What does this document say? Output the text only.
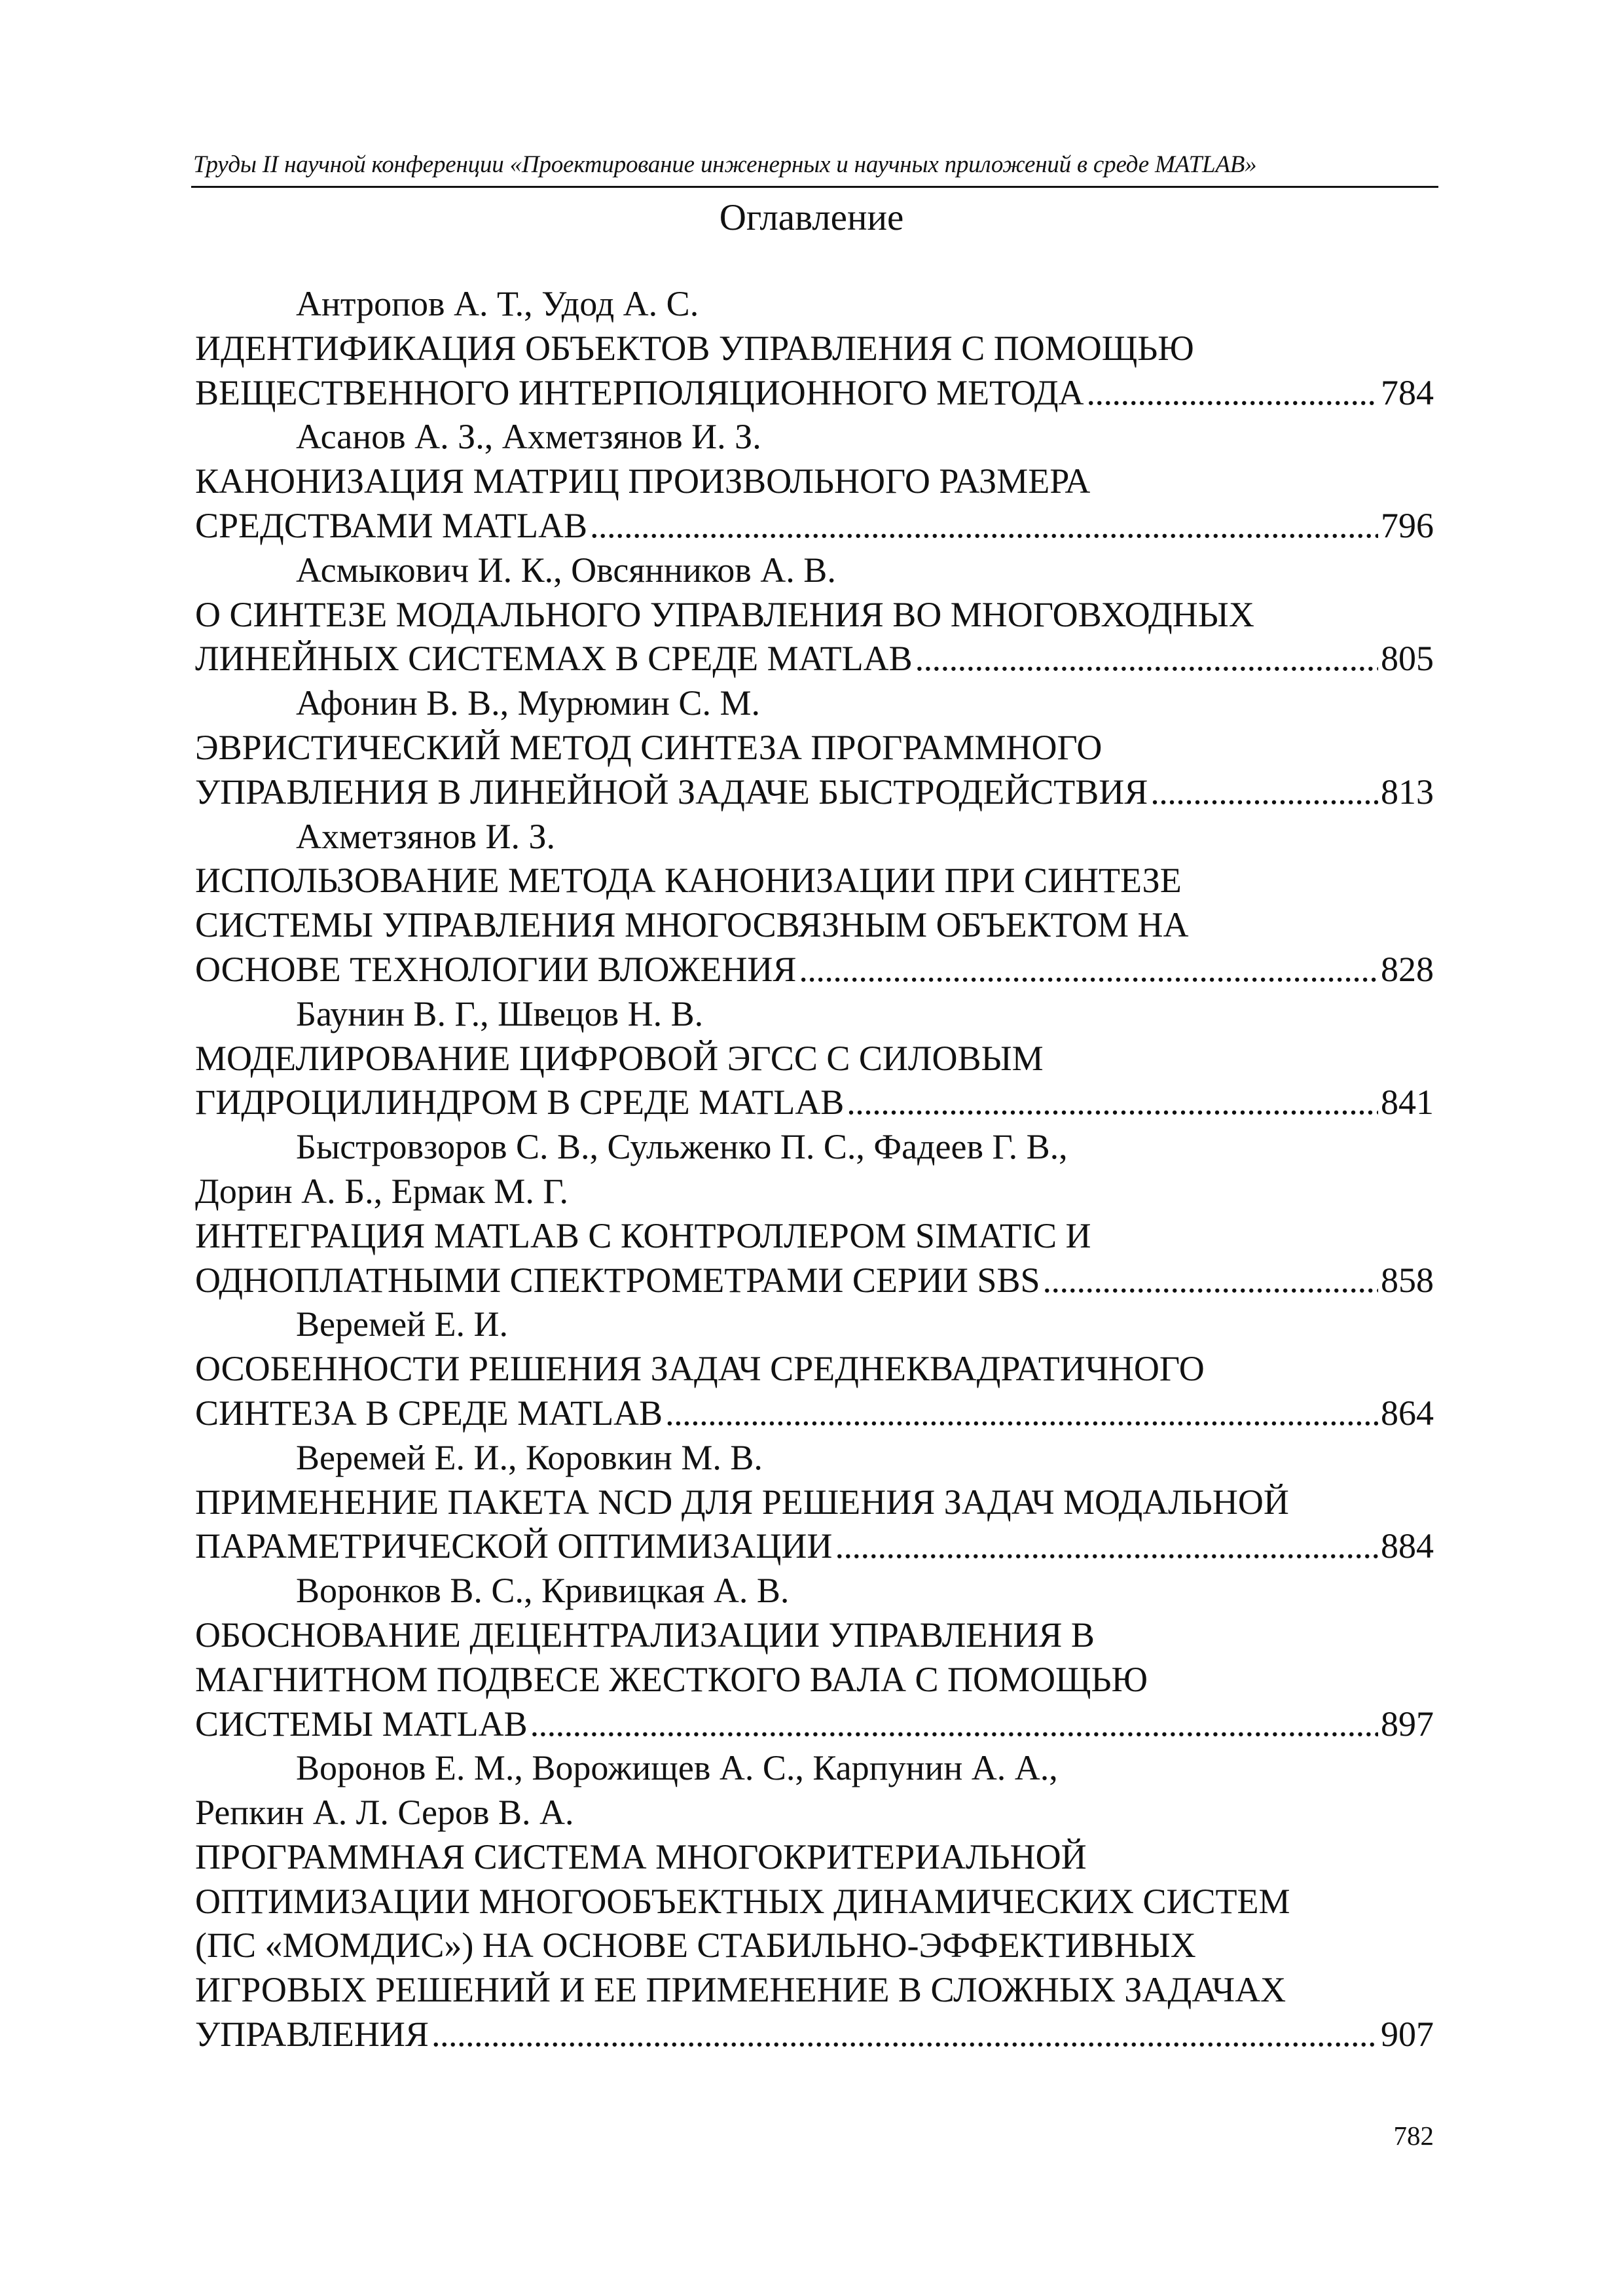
Труды II научной конференции «Проектирование инженерных и научных приложений в среде MATLAB»
Оглавление
Антропов А. Т., Удод А. С.
ИДЕНТИФИКАЦИЯ ОБЪЕКТОВ УПРАВЛЕНИЯ С ПОМОЩЬЮ
ВЕЩЕСТВЕННОГО ИНТЕРПОЛЯЦИОННОГО МЕТОДА . . .	784
Асанов А. З., Ахметзянов И. З.
КАНОНИЗАЦИЯ МАТРИЦ ПРОИЗВОЛЬНОГО РАЗМЕРА
СРЕДСТВАМИ MATLAB . . .	796
Асмыкович И. К., Овсянников А. В.
О СИНТЕЗЕ МОДАЛЬНОГО УПРАВЛЕНИЯ ВО МНОГОВХОДНЫХ
ЛИНЕЙНЫХ СИСТЕМАХ В СРЕДЕ MATLAB . . .	805
Афонин В. В., Мурюмин С. М.
ЭВРИСТИЧЕСКИЙ МЕТОД СИНТЕЗА ПРОГРАММНОГО
УПРАВЛЕНИЯ В ЛИНЕЙНОЙ ЗАДАЧЕ БЫСТРОДЕЙСТВИЯ . . .	813
Ахметзянов И. З.
ИСПОЛЬЗОВАНИЕ МЕТОДА КАНОНИЗАЦИИ ПРИ СИНТЕЗЕ
СИСТЕМЫ УПРАВЛЕНИЯ МНОГОСВЯЗНЫМ ОБЪЕКТОМ НА
ОСНОВЕ ТЕХНОЛОГИИ ВЛОЖЕНИЯ . . .	828
Баунин В. Г., Швецов Н. В.
МОДЕЛИРОВАНИЕ ЦИФРОВОЙ ЭГСС С СИЛОВЫМ
ГИДРОЦИЛИНДРОМ В СРЕДЕ MATLAB . . .	841
Быстровзоров С. В., Сульженко П. С., Фадеев Г. В.,
Дорин А. Б., Ермак М. Г.
ИНТЕГРАЦИЯ MATLAB С КОНТРОЛЛЕРОМ SIMATIC И
ОДНОПЛАТНЫМИ СПЕКТРОМЕТРАМИ СЕРИИ SBS . . .	858
Веремей Е. И.
ОСОБЕННОСТИ РЕШЕНИЯ ЗАДАЧ СРЕДНЕКВАДРАТИЧНОГО
СИНТЕЗА В СРЕДЕ MATLAB . . .	864
Веремей Е. И., Коровкин М. В.
ПРИМЕНЕНИЕ ПАКЕТА NCD ДЛЯ РЕШЕНИЯ ЗАДАЧ МОДАЛЬНОЙ
ПАРАМЕТРИЧЕСКОЙ ОПТИМИЗАЦИИ . . .	884
Воронков В. С., Кривицкая А. В.
ОБОСНОВАНИЕ ДЕЦЕНТРАЛИЗАЦИИ УПРАВЛЕНИЯ В
МАГНИТНОМ ПОДВЕСЕ ЖЕСТКОГО ВАЛА С ПОМОЩЬЮ
СИСТЕМЫ MATLAB . . .	897
Воронов Е. М., Ворожищев А. С., Карпунин А. А.,
Репкин А. Л. Серов В. А.
ПРОГРАММНАЯ СИСТЕМА МНОГОКРИТЕРИАЛЬНОЙ
ОПТИМИЗАЦИИ МНОГООБЪЕКТНЫХ ДИНАМИЧЕСКИХ СИСТЕМ
(ПС «МОМДИС») НА ОСНОВЕ СТАБИЛЬНО-ЭФФЕКТИВНЫХ
ИГРОВЫХ РЕШЕНИЙ И ЕЕ ПРИМЕНЕНИЕ В СЛОЖНЫХ ЗАДАЧАХ
УПРАВЛЕНИЯ . . .	907
782
